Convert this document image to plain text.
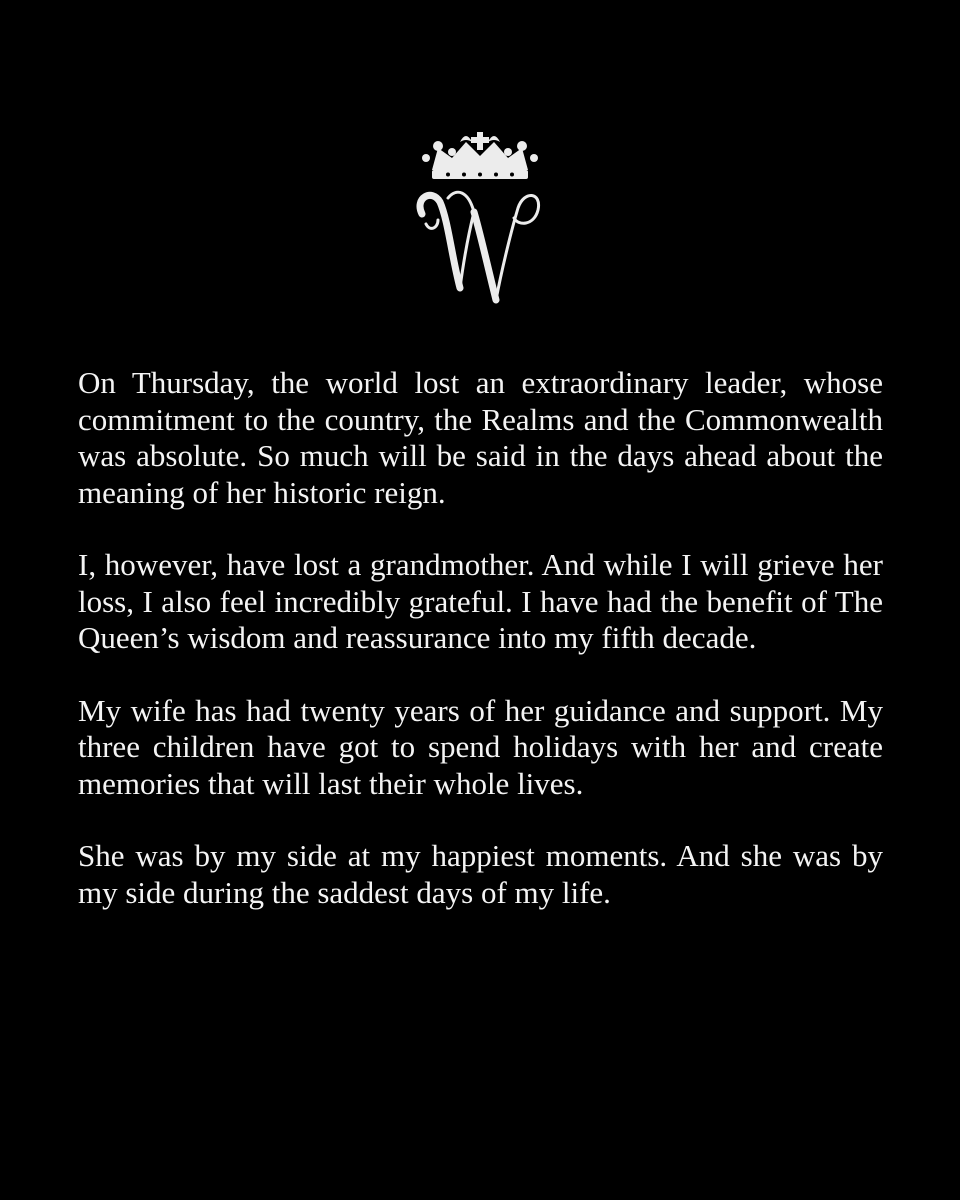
On Thursday, the world lost an extraordinary leader, whose commitment to the country, the Realms and the Commonwealth was absolute. So much will be said in the days ahead about the meaning of her historic reign.

I, however, have lost a grandmother. And while I will grieve her loss, I also feel incredibly grateful. I have had the benefit of The Queen’s wisdom and reassurance into my fifth decade.

My wife has had twenty years of her guidance and support. My three children have got to spend holidays with her and create memories that will last their whole lives.

She was by my side at my happiest moments. And she was by my side during the saddest days of my life.
